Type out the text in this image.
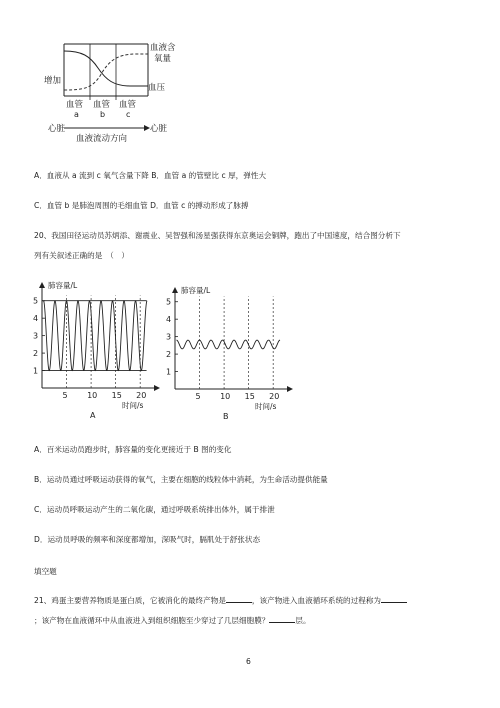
增加
血液含
氧量
血压
血管 血管 血管
a	b	c
心脏	心脏
血液流动方向
A．血液从 a 流到 c 氧气含量下降 B．血管 a 的管壁比 c 厚，弹性大
C．血管 b 是肺泡周围的毛细血管 D．血管 c 的搏动形成了脉搏
20、我国田径运动员苏炳添、谢震业、吴智强和汤星强获得东京奥运会铜牌，跑出了中国速度，结合图分析下
列有关叙述正确的是　（　）
肺容量/L
1
2
3
4
5
5 10 15 20
时间/s
A
肺容量/L
1
2
3
4
5
5 10 15 20
时间/s
B
A．百米运动员跑步时，肺容量的变化更接近于 B 图的变化
B．运动员通过呼吸运动获得的氧气，主要在细胞的线粒体中消耗，为生命活动提供能量
C．运动员呼吸运动产生的二氧化碳，通过呼吸系统排出体外，属于排泄
D．运动员呼吸的频率和深度都增加，深吸气时，膈肌处于舒张状态
填空题
21、鸡蛋主要营养物质是蛋白质，它被消化的最终产物是	，该产物进入血液循环系统的过程称为
；该产物在血液循环中从血液进入到组织细胞至少穿过了几层细胞膜？	层。
6
